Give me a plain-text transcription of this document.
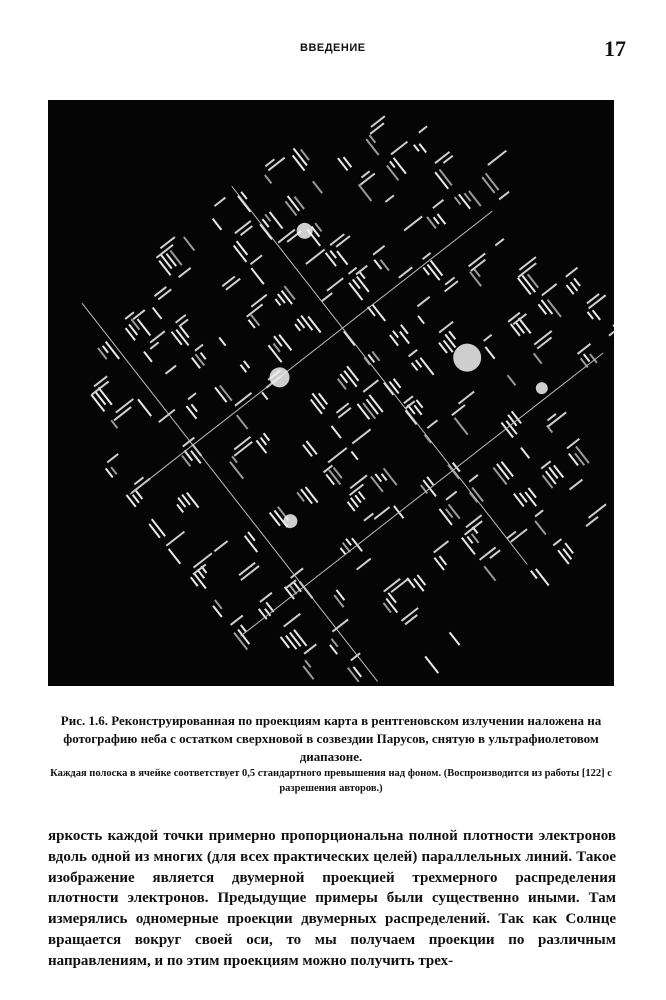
ВВЕДЕНИЕ	17
Рис. 1.6. Реконструированная по проекциям карта в рентгеновском излучении наложена на фотографию неба с остатком сверхновой в созвездии Парусов, снятую в ультрафиолетовом диапазоне.
Каждая полоска в ячейке соответствует 0,5 стандартного превышения над фоном. (Воспроизводится из работы [122] с разрешения авторов.)
яркость каждой точки примерно пропорциональна полной плотности электронов вдоль одной из многих (для всех практических целей) параллельных линий. Такое изображение является двумерной проекцией трехмерного распределения плотности электронов. Предыдущие примеры были существенно иными. Там измерялись одномерные проекции двумерных распределений. Так как Солнце вращается вокруг своей оси, то мы получаем проекции по различным направлениям, и по этим проекциям можно получить трех-
